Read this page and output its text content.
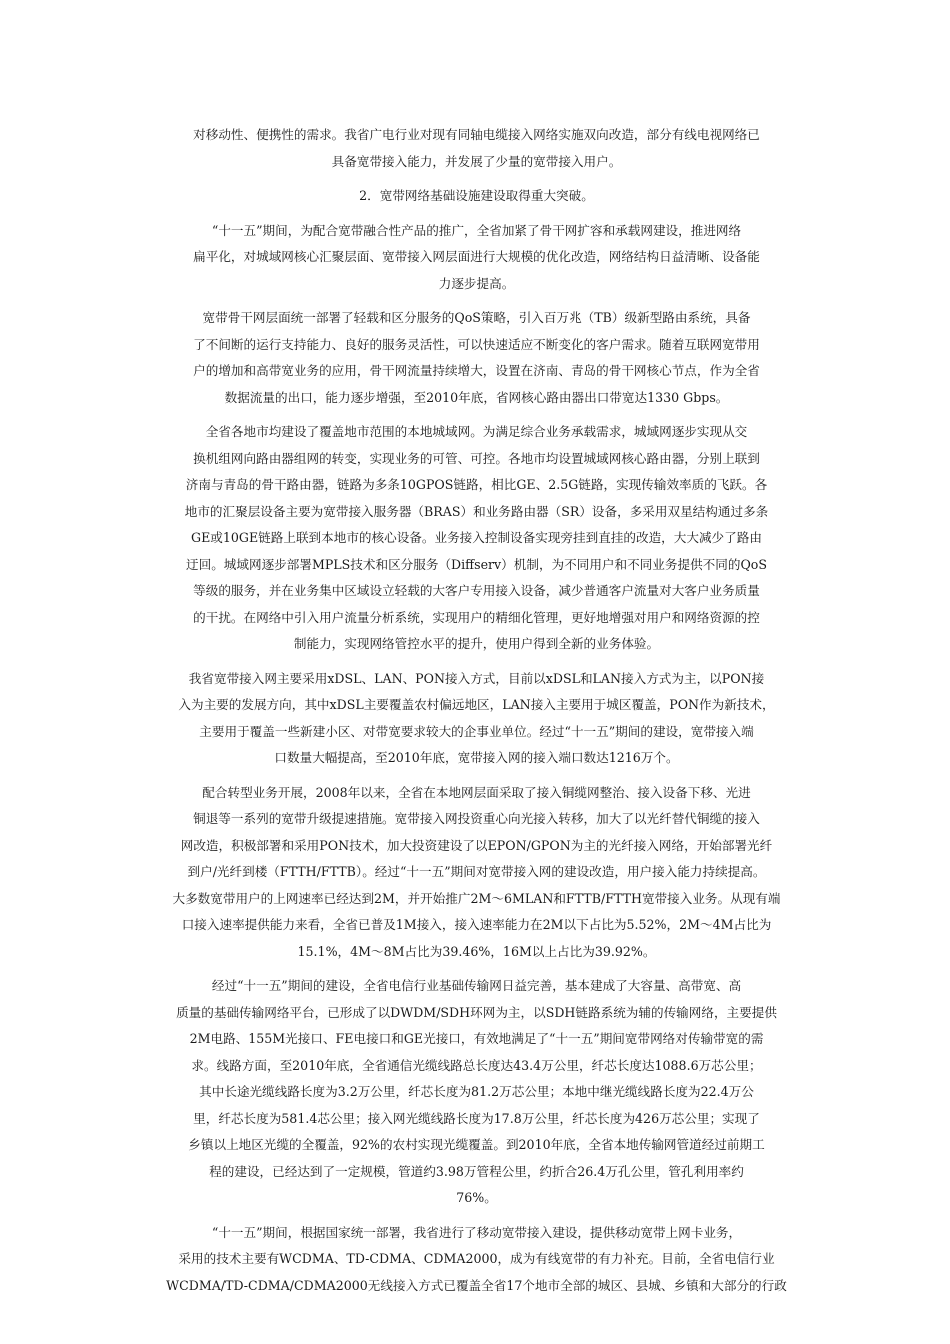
对移动性、便携性的需求。我省广电行业对现有同轴电缆接入网络实施双向改造，部分有线电视网络已
具备宽带接入能力，并发展了少量的宽带接入用户。
2．宽带网络基础设施建设取得重大突破。
“十一五”期间，为配合宽带融合性产品的推广，全省加紧了骨干网扩容和承载网建设，推进网络
扁平化，对城域网核心汇聚层面、宽带接入网层面进行大规模的优化改造，网络结构日益清晰、设备能
力逐步提高。
宽带骨干网层面统一部署了轻载和区分服务的QoS策略，引入百万兆（TB）级新型路由系统，具备
了不间断的运行支持能力、良好的服务灵活性，可以快速适应不断变化的客户需求。随着互联网宽带用
户的增加和高带宽业务的应用，骨干网流量持续增大，设置在济南、青岛的骨干网核心节点，作为全省
数据流量的出口，能力逐步增强，至2010年底，省网核心路由器出口带宽达1330 Gbps。
全省各地市均建设了覆盖地市范围的本地城域网。为满足综合业务承载需求，城域网逐步实现从交
换机组网向路由器组网的转变，实现业务的可管、可控。各地市均设置城域网核心路由器，分别上联到
济南与青岛的骨干路由器，链路为多条10GPOS链路，相比GE、2.5G链路，实现传输效率质的飞跃。各
地市的汇聚层设备主要为宽带接入服务器（BRAS）和业务路由器（SR）设备，多采用双星结构通过多条
GE或10GE链路上联到本地市的核心设备。业务接入控制设备实现旁挂到直挂的改造，大大减少了路由
迂回。城域网逐步部署MPLS技术和区分服务（Diffserv）机制，为不同用户和不同业务提供不同的QoS
等级的服务，并在业务集中区域设立轻载的大客户专用接入设备，减少普通客户流量对大客户业务质量
的干扰。在网络中引入用户流量分析系统，实现用户的精细化管理，更好地增强对用户和网络资源的控
制能力，实现网络管控水平的提升，使用户得到全新的业务体验。
我省宽带接入网主要采用xDSL、LAN、PON接入方式，目前以xDSL和LAN接入方式为主，以PON接
入为主要的发展方向，其中xDSL主要覆盖农村偏远地区，LAN接入主要用于城区覆盖，PON作为新技术，
主要用于覆盖一些新建小区、对带宽要求较大的企事业单位。经过“十一五”期间的建设，宽带接入端
口数量大幅提高，至2010年底，宽带接入网的接入端口数达1216万个。
配合转型业务开展，2008年以来，全省在本地网层面采取了接入铜缆网整治、接入设备下移、光进
铜退等一系列的宽带升级提速措施。宽带接入网投资重心向光接入转移，加大了以光纤替代铜缆的接入
网改造，积极部署和采用PON技术，加大投资建设了以EPON/GPON为主的光纤接入网络，开始部署光纤
到户/光纤到楼（FTTH/FTTB）。经过“十一五”期间对宽带接入网的建设改造，用户接入能力持续提高。
大多数宽带用户的上网速率已经达到2M，并开始推广2M～6MLAN和FTTB/FTTH宽带接入业务。从现有端
口接入速率提供能力来看，全省已普及1M接入，接入速率能力在2M以下占比为5.52%，2M～4M占比为
15.1%，4M～8M占比为39.46%，16M以上占比为39.92%。
经过“十一五”期间的建设，全省电信行业基础传输网日益完善，基本建成了大容量、高带宽、高
质量的基础传输网络平台，已形成了以DWDM/SDH环网为主，以SDH链路系统为辅的传输网络，主要提供
2M电路、155M光接口、FE电接口和GE光接口，有效地满足了“十一五”期间宽带网络对传输带宽的需
求。线路方面，至2010年底，全省通信光缆线路总长度达43.4万公里，纤芯长度达1088.6万芯公里；
其中长途光缆线路长度为3.2万公里，纤芯长度为81.2万芯公里；本地中继光缆线路长度为22.4万公
里，纤芯长度为581.4芯公里；接入网光缆线路长度为17.8万公里，纤芯长度为426万芯公里；实现了
乡镇以上地区光缆的全覆盖，92%的农村实现光缆覆盖。到2010年底，全省本地传输网管道经过前期工
程的建设，已经达到了一定规模，管道约3.98万管程公里，约折合26.4万孔公里，管孔利用率约
76%。
“十一五”期间，根据国家统一部署，我省进行了移动宽带接入建设，提供移动宽带上网卡业务，
采用的技术主要有WCDMA、TD-CDMA、CDMA2000，成为有线宽带的有力补充。目前，全省电信行业
WCDMA/TD-CDMA/CDMA2000无线接入方式已覆盖全省17个地市全部的城区、县城、乡镇和大部分的行政
